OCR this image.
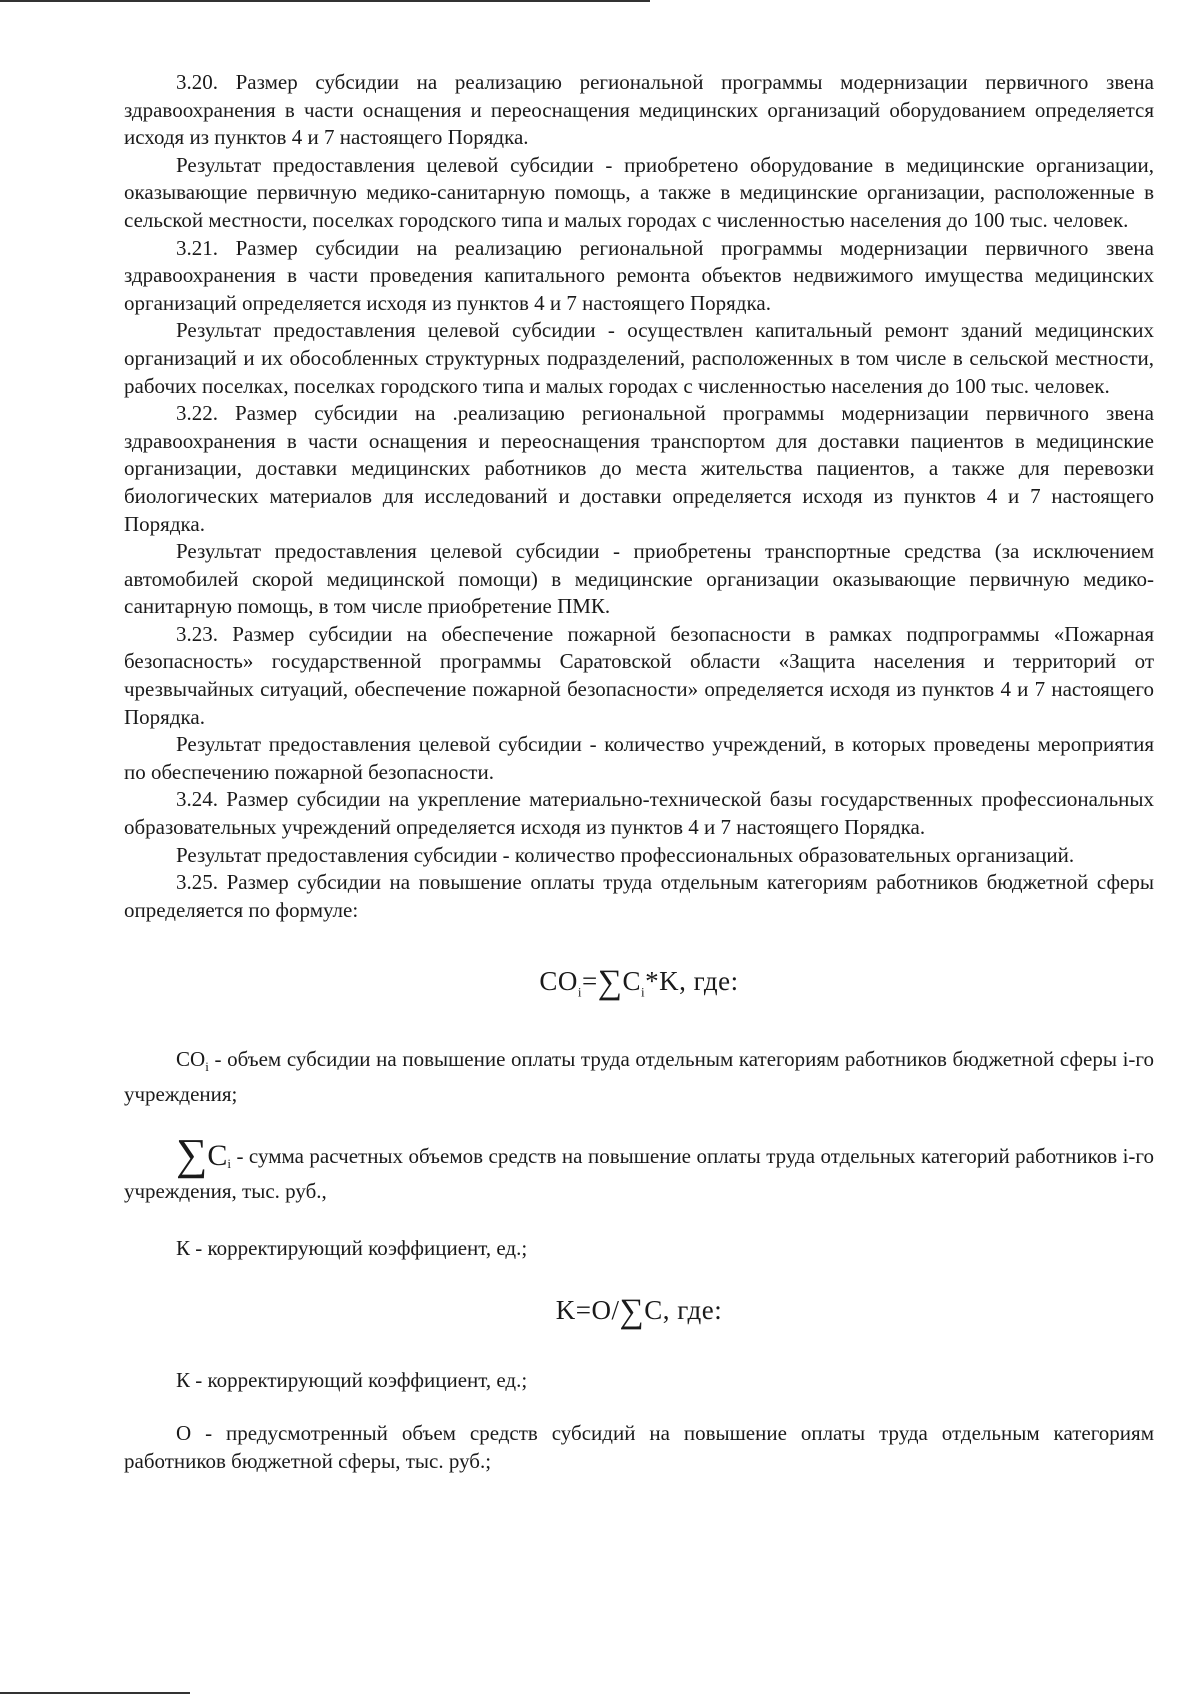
3.20. Размер субсидии на реализацию региональной программы модернизации первичного звена здравоохранения в части оснащения и переоснащения медицинских организаций оборудованием определяется исходя из пунктов 4 и 7 настоящего Порядка.

Результат предоставления целевой субсидии - приобретено оборудование в медицинские организации, оказывающие первичную медико-санитарную помощь, а также в медицинские организации, расположенные в сельской местности, поселках городского типа и малых городах с численностью населения до 100 тыс. человек.

3.21. Размер субсидии на реализацию региональной программы модернизации первичного звена здравоохранения в части проведения капитального ремонта объектов недвижимого имущества медицинских организаций определяется исходя из пунктов 4 и 7 настоящего Порядка.

Результат предоставления целевой субсидии - осуществлен капитальный ремонт зданий медицинских организаций и их обособленных структурных подразделений, расположенных в том числе в сельской местности, рабочих поселках, поселках городского типа и малых городах с численностью населения до 100 тыс. человек.

3.22. Размер субсидии на .реализацию региональной программы модернизации первичного звена здравоохранения в части оснащения и переоснащения транспортом для доставки пациентов в медицинские организации, доставки медицинских работников до места жительства пациентов, а также для перевозки биологических материалов для исследований и доставки определяется исходя из пунктов 4 и 7 настоящего Порядка.

Результат предоставления целевой субсидии - приобретены транспортные средства (за исключением автомобилей скорой медицинской помощи) в медицинские организации оказывающие первичную медико-санитарную помощь, в том числе приобретение ПМК.

3.23. Размер субсидии на обеспечение пожарной безопасности в рамках подпрограммы «Пожарная безопасность» государственной программы Саратовской области «Защита населения и территорий от чрезвычайных ситуаций, обеспечение пожарной безопасности» определяется исходя из пунктов 4 и 7 настоящего Порядка.

Результат предоставления целевой субсидии - количество учреждений, в которых проведены мероприятия по обеспечению пожарной безопасности.

3.24. Размер субсидии на укрепление материально-технической базы государственных профессиональных образовательных учреждений определяется исходя из пунктов 4 и 7 настоящего Порядка.

Результат предоставления субсидии - количество профессиональных образовательных организаций.

3.25. Размер субсидии на повышение оплаты труда отдельным категориям работников бюджетной сферы определяется по формуле:

$CO_i=\sum C_i*K$, где:

$CO_i$ - объем субсидии на повышение оплаты труда отдельным категориям работников бюджетной сферы i-го учреждения;

$\sum C_i$ - сумма расчетных объемов средств на повышение оплаты труда отдельных категорий работников i-го учреждения, тыс. руб.,

К - корректирующий коэффициент, ед.;

K=O/∑C, где:

К - корректирующий коэффициент, ед.;

О - предусмотренный объем средств субсидий на повышение оплаты труда отдельным категориям работников бюджетной сферы, тыс. руб.;
